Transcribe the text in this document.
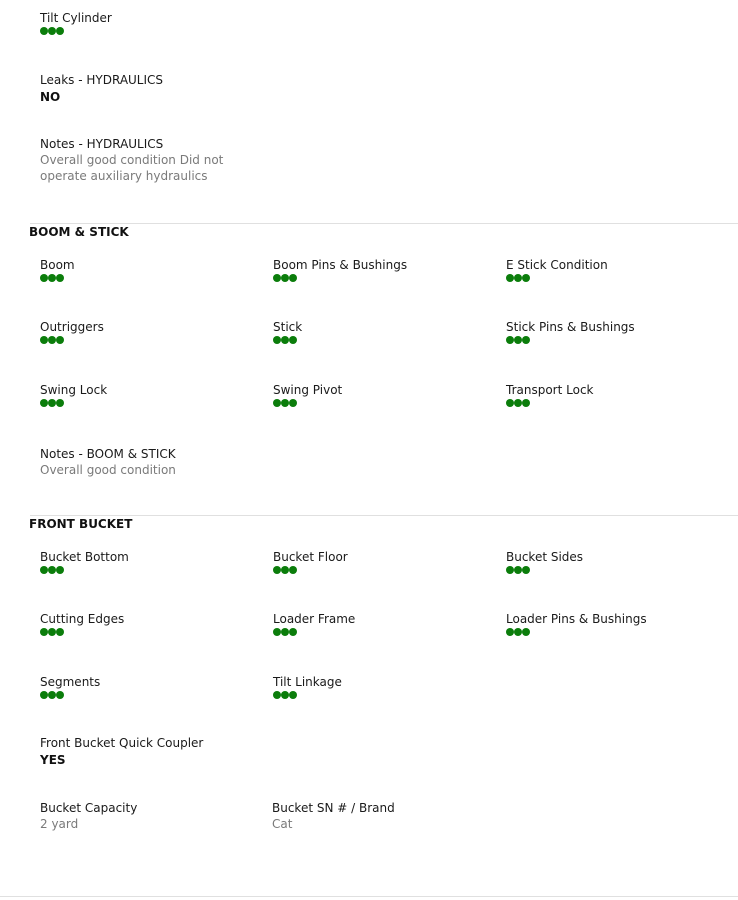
Tilt Cylinder
Leaks - HYDRAULICS
NO
Notes - HYDRAULICS
Overall good condition Did not operate auxiliary hydraulics
BOOM & STICK
Boom	Boom Pins & Bushings	E Stick Condition
Outriggers	Stick	Stick Pins & Bushings
Swing Lock	Swing Pivot	Transport Lock
Notes - BOOM & STICK
Overall good condition
FRONT BUCKET
Bucket Bottom	Bucket Floor	Bucket Sides
Cutting Edges	Loader Frame	Loader Pins & Bushings
Segments	Tilt Linkage
Front Bucket Quick Coupler
YES
Bucket Capacity
2 yard
Bucket SN # / Brand
Cat
